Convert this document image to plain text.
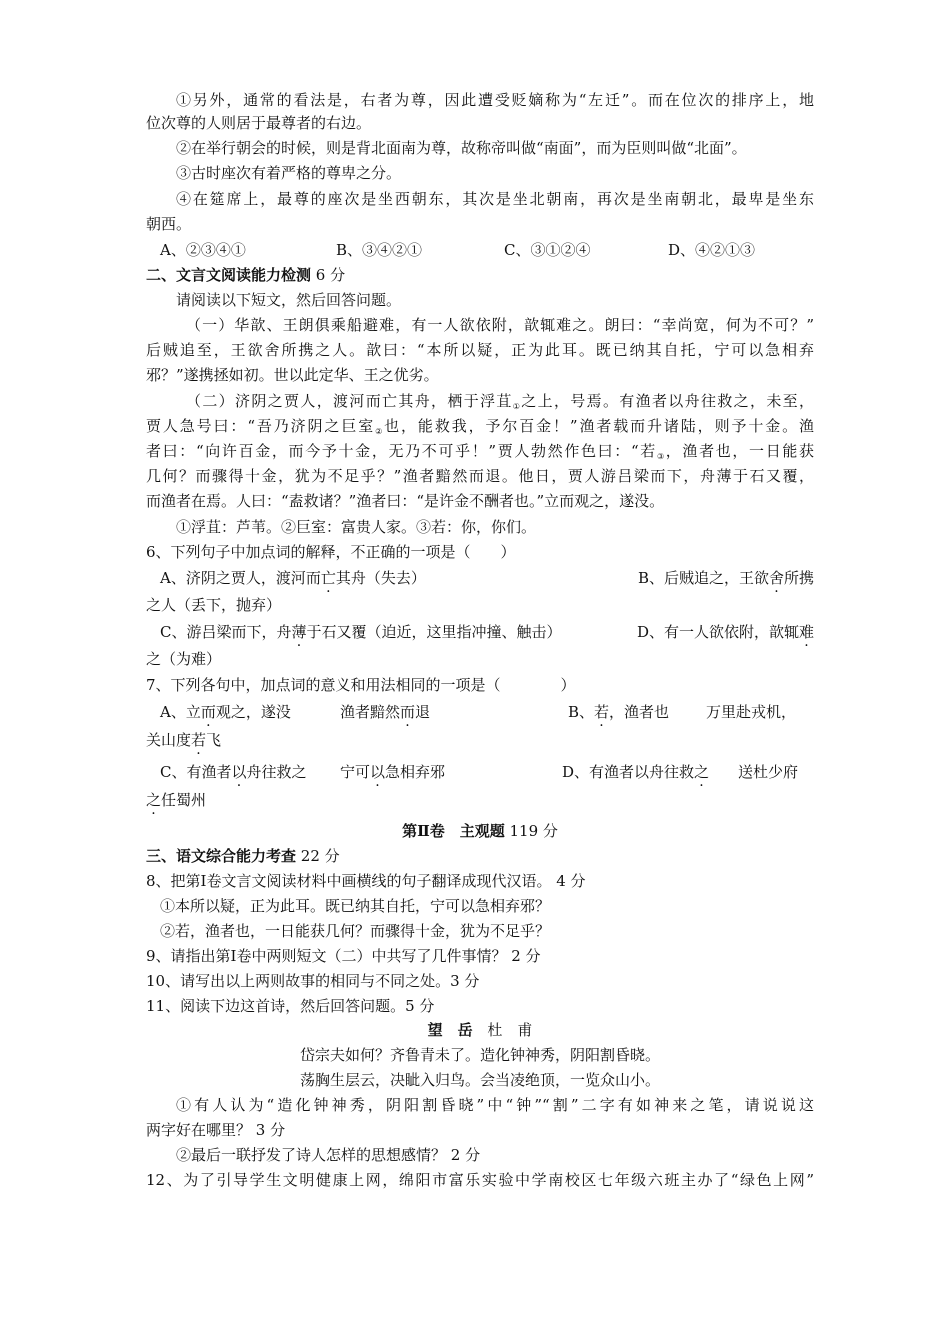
①另外，通常的看法是，右者为尊，因此遭受贬嫡称为“左迁”。而在位次的排序上，地
位次尊的人则居于最尊者的右边。
②在举行朝会的时候，则是背北面南为尊，故称帝叫做“南面”，而为臣则叫做“北面”。
③古时座次有着严格的尊卑之分。
④在筵席上，最尊的座次是坐西朝东，其次是坐北朝南，再次是坐南朝北，最卑是坐东
朝西。
A、②③④①	B、③④②①	C、③①②④	D、④②①③
二、文言文阅读能力检测 6 分
请阅读以下短文，然后回答问题。
（一）华歆、王朗俱乘船避难，有一人欲依附，歆辄难之。朗曰：“幸尚宽，何为不可？”
后贼追至，王欲舍所携之人。歆曰：“本所以疑，正为此耳。既已纳其自托，宁可以急相弃
邪？”遂携拯如初。世以此定华、王之优劣。
（二）济阴之贾人，渡河而亡其舟，栖于浮苴$_①$之上，号焉。有渔者以舟往救之，未至，
贾人急号曰：“吾乃济阴之巨室$_②$也，能救我，予尔百金！”渔者载而升诸陆，则予十金。渔
者曰：“向许百金，而今予十金，无乃不可乎！”贾人勃然作色曰：“若$_③$，渔者也，一日能获
几何？而骤得十金，犹为不足乎？”渔者黯然而退。他日，贾人游吕梁而下，舟薄于石又覆，
而渔者在焉。人曰：“盍救诸？”渔者曰：“是许金不酬者也。”立而观之，遂没。
①浮苴：芦苇。②巨室：富贵人家。③若：你，你们。
6、下列句子中加点词的解释，不正确的一项是（　　）
A、济阴之贾人，渡河而亡其舟（失去）	B、后贼追之，王欲舍所携
之人（丢下，抛弃）
C、游吕梁而下，舟薄于石又覆（迫近，这里指冲撞、触击）	D、有一人欲依附，歆辄难
之（为难）
7、下列各句中，加点词的意义和用法相同的一项是（　　　　）
A、立而观之，遂没	渔者黯然而退	B、若，渔者也 万里赴戎机，
关山度若飞
C、有渔者以舟往救之 宁可以急相弃邪	D、有渔者以舟往救之 送杜少府
之任蜀州
第Ⅱ卷　主观题 119 分
三、语文综合能力考查 22 分
8、把第Ⅰ卷文言文阅读材料中画横线的句子翻译成现代汉语。 4 分
①本所以疑，正为此耳。既已纳其自托，宁可以急相弃邪？
②若，渔者也，一日能获几何？而骤得十金，犹为不足乎？
9、请指出第Ⅰ卷中两则短文（二）中共写了几件事情？ 2 分
10、请写出以上两则故事的相同与不同之处。3 分
11、阅读下边这首诗，然后回答问题。5 分
望　岳 杜　甫
岱宗夫如何？齐鲁青未了。造化钟神秀，阴阳割昏晓。
荡胸生层云，决眦入归鸟。会当凌绝顶，一览众山小。
①有人认为“造化钟神秀，阴阳割昏晓”中“钟”“割”二字有如神来之笔，请说说这
两字好在哪里？ 3 分
②最后一联抒发了诗人怎样的思想感情？ 2 分
12、为了引导学生文明健康上网，绵阳市富乐实验中学南校区七年级六班主办了“绿色上网”
